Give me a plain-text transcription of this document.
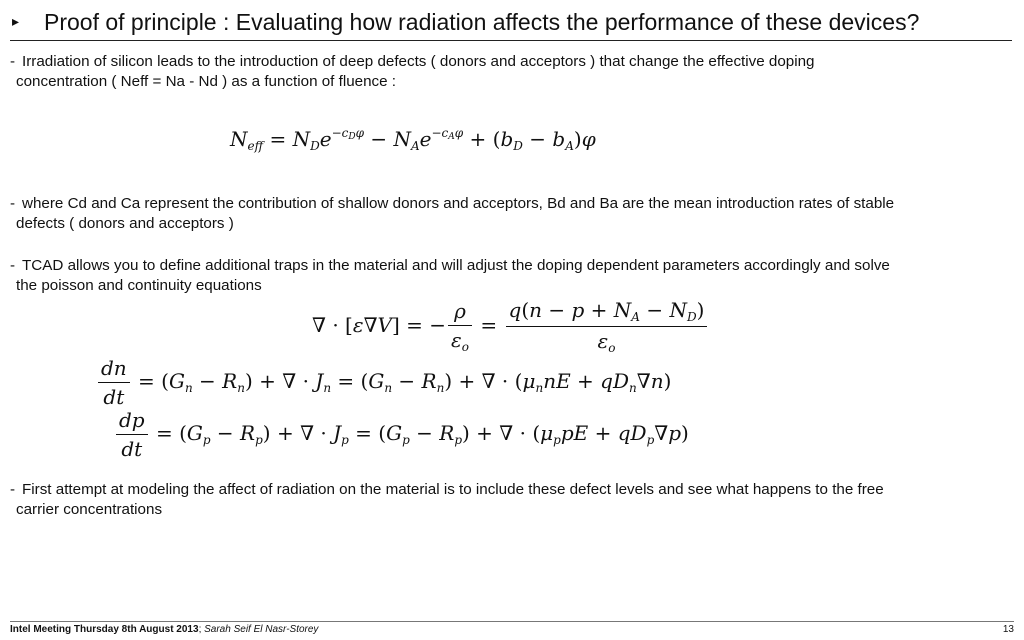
▸ Proof of principle : Evaluating how radiation affects the performance of these devices?
- Irradiation of silicon leads to the introduction of deep defects ( donors and acceptors ) that change the effective doping
concentration ( Neff = Na - Nd ) as a function of fluence :
$N_{eff} = N_De^{-c_D\varphi} - N_Ae^{-c_A\varphi} + (b_D - b_A)\varphi$
- where Cd and Ca represent the contribution of shallow donors and acceptors, Bd and Ba are the mean introduction rates of stable
defects ( donors and acceptors )
- TCAD allows you to define additional traps in the material and will adjust the doping dependent parameters accordingly and solve
the poisson and continuity equations
∇ · [ε∇V] = − $\frac{\rho}{\varepsilon_o} = \frac{q(n - p + N_A - N_D)}{\varepsilon_o}$
$\frac{dn}{dt} = (G_n - R_n)$ + ∇ · $J_n = (G_n - R_n)$ + ∇ · $(\mu_nnE + qD_n\nabla n)$
$\frac{dp}{dt} = (G_p - R_p)$ + ∇ · $J_p = (G_p - R_p)$ + ∇ · $(\mu_ppE + qD_p\nabla p)$
- First attempt at modeling the affect of radiation on the material is to include these defect levels and see what happens to the free
carrier concentrations
Intel Meeting Thursday 8th August 2013; Sarah Seif El Nasr-Storey	13
